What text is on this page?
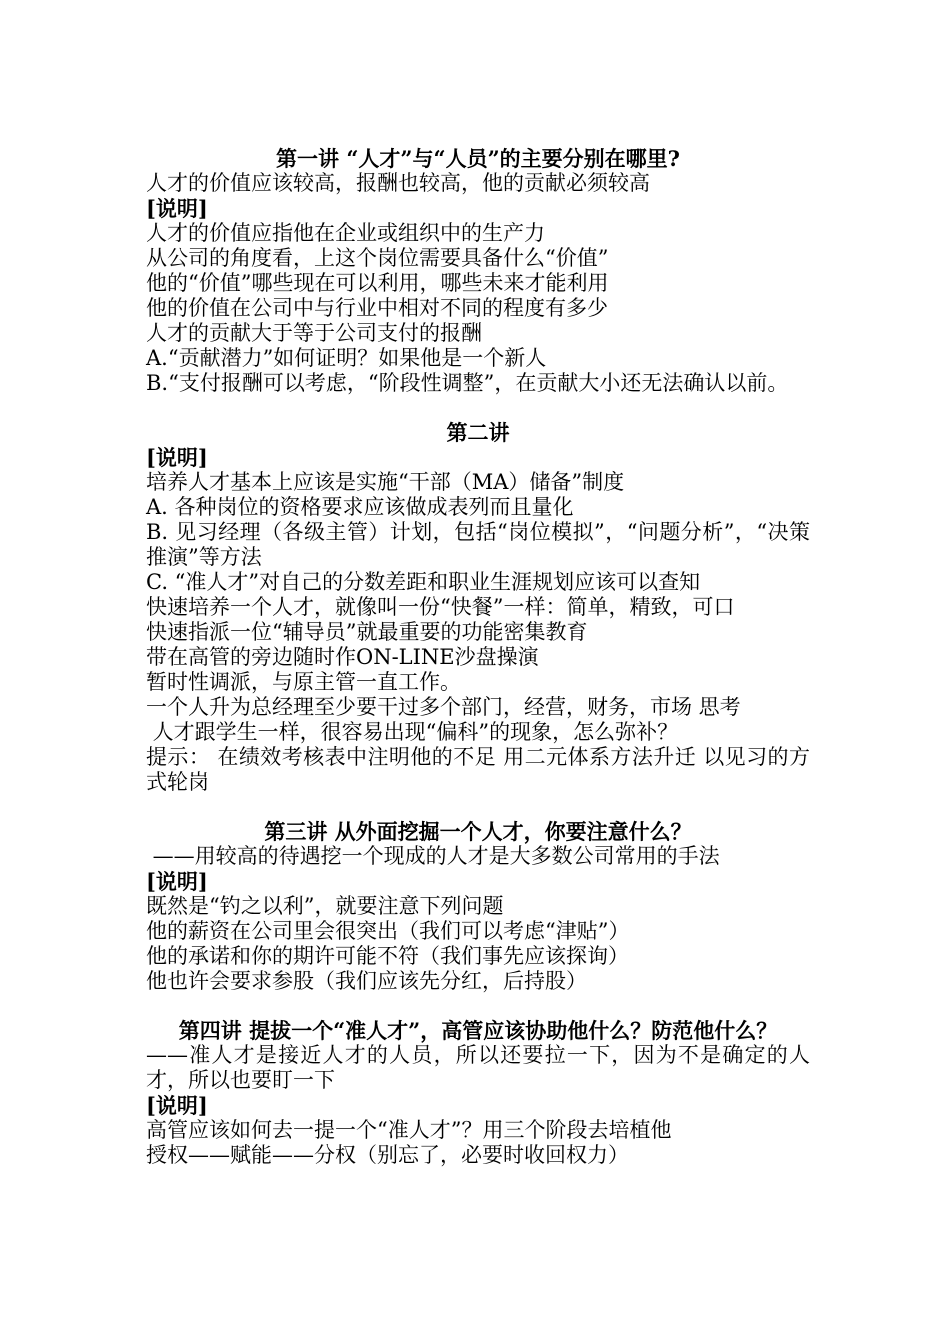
第一讲 “人才”与“人员”的主要分别在哪里?
人才的价值应该较高，报酬也较高，他的贡献必须较高
[说明]
人才的价值应指他在企业或组织中的生产力
从公司的角度看，上这个岗位需要具备什么“价值”
他的“价值”哪些现在可以利用，哪些未来才能利用
他的价值在公司中与行业中相对不同的程度有多少
人才的贡献大于等于公司支付的报酬
A.“贡献潜力”如何证明？如果他是一个新人
B.“支付报酬可以考虑，“阶段性调整”，在贡献大小还无法确认以前。
第二讲
[说明]
培养人才基本上应该是实施“干部（MA）储备”制度
A. 各种岗位的资格要求应该做成表列而且量化
B. 见习经理（各级主管）计划，包括“岗位模拟”，“问题分析”，“决策推演”等方法
C. “准人才”对自己的分数差距和职业生涯规划应该可以查知
快速培养一个人才，就像叫一份“快餐”一样：简单，精致，可口
快速指派一位“辅导员”就最重要的功能密集教育
带在高管的旁边随时作ON-LINE沙盘操演
暂时性调派，与原主管一直工作。
一个人升为总经理至少要干过多个部门，经营，财务，市场 思考
人才跟学生一样，很容易出现“偏科”的现象，怎么弥补？
提示： 在绩效考核表中注明他的不足 用二元体系方法升迁 以见习的方式轮岗
第三讲 从外面挖掘一个人才，你要注意什么？
——用较高的待遇挖一个现成的人才是大多数公司常用的手法
[说明]
既然是“钓之以利”，就要注意下列问题
他的薪资在公司里会很突出（我们可以考虑“津贴”）
他的承诺和你的期许可能不符（我们事先应该探询）
他也许会要求参股（我们应该先分红，后持股）
第四讲 提拔一个“准人才”，高管应该协助他什么？防范他什么？
——准人才是接近人才的人员，所以还要拉一下，因为不是确定的人才，所以也要盯一下
[说明]
高管应该如何去一提一个“准人才”？用三个阶段去培植他
授权——赋能——分权（别忘了，必要时收回权力）
